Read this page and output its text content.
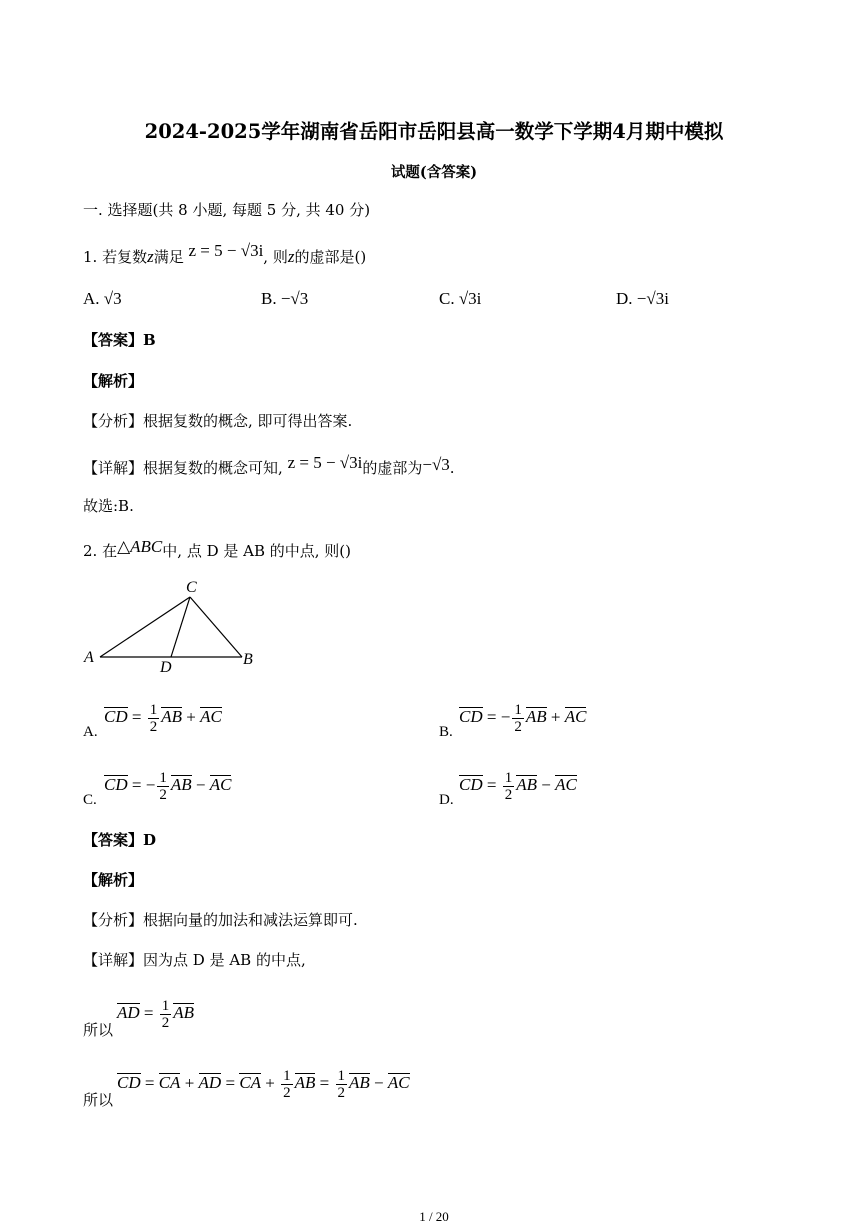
2024-2025学年湖南省岳阳市岳阳县高一数学下学期4月期中模拟
试题(含答案)
一. 选择题(共 8 小题, 每题 5 分, 共 40 分)
1. 若复数z满足 z = 5 − √3i, 则z的虚部是()
A. √3	B. −√3	C. √3i	D. −√3i
【答案】B
【解析】
【分析】根据复数的概念, 即可得出答案.
【详解】根据复数的概念可知, z = 5 − √3i的虚部为−√3.
故选:B.
2. 在△ABC中, 点 D 是 AB 的中点, 则()
C
A
D	B
CD = $\frac{1}{2}$ AB + AC
A.
CD = − $\frac{1}{2}$ AB + AC
B.
CD = − $\frac{1}{2}$ AB − AC
C.
CD = $\frac{1}{2}$ AB − AC
D.
【答案】D
【解析】
【分析】根据向量的加法和减法运算即可.
【详解】因为点 D 是 AB 的中点,
AD = $\frac{1}{2}$ AB
所以
CD = CA + AD = CA + $\frac{1}{2}$ AB = $\frac{1}{2}$ AB − AC
所以
1 / 20
